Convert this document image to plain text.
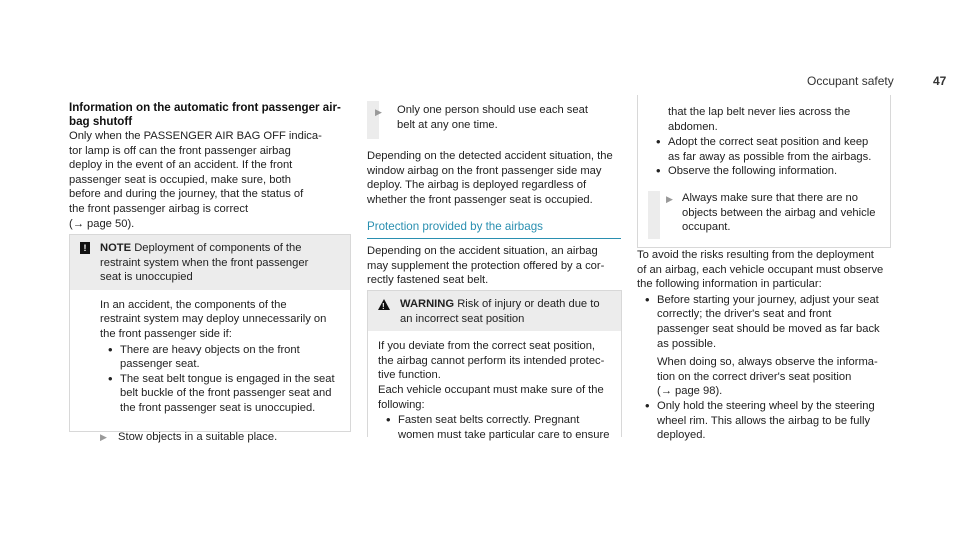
Occupant safety	47

Information on the automatic front passenger air-
bag shutoff

Only when the PASSENGER AIR BAG OFF indica-
tor lamp is off can the front passenger airbag
deploy in the event of an accident. If the front
passenger seat is occupied, make sure, both
before and during the journey, that the status of
the front passenger airbag is correct
(→ page 50).

!	NOTE Deployment of components of the
restraint system when the front passenger
seat is unoccupied

In an accident, the components of the
restraint system may deploy unnecessarily on
the front passenger side if:

• There are heavy objects on the front
passenger seat.
• The seat belt tongue is engaged in the seat
belt buckle of the front passenger seat and
the front passenger seat is unoccupied.
▶ Stow objects in a suitable place.
▶ Only one person should use each seat
belt at any one time.

Depending on the detected accident situation, the
window airbag on the front passenger side may
deploy. The airbag is deployed regardless of
whether the front passenger seat is occupied.

Protection provided by the airbags

Depending on the accident situation, an airbag
may supplement the protection offered by a cor-
rectly fastened seat belt.

!
WARNING Risk of injury or death due to
an incorrect seat position

If you deviate from the correct seat position,
the airbag cannot perform its intended protec-
tive function.
Each vehicle occupant must make sure of the
following:

• Fasten seat belts correctly. Pregnant
women must take particular care to ensure

that the lap belt never lies across the
abdomen.

• Adopt the correct seat position and keep
as far away as possible from the airbags.
• Observe the following information.
▶ Always make sure that there are no
objects between the airbag and vehicle
occupant.

To avoid the risks resulting from the deployment
of an airbag, each vehicle occupant must observe
the following information in particular:

• Before starting your journey, adjust your seat
correctly; the driver's seat and front
passenger seat should be moved as far back
as possible.
When doing so, always observe the informa-
tion on the correct driver's seat position
(→ page 98).
• Only hold the steering wheel by the steering
wheel rim. This allows the airbag to be fully
deployed.
